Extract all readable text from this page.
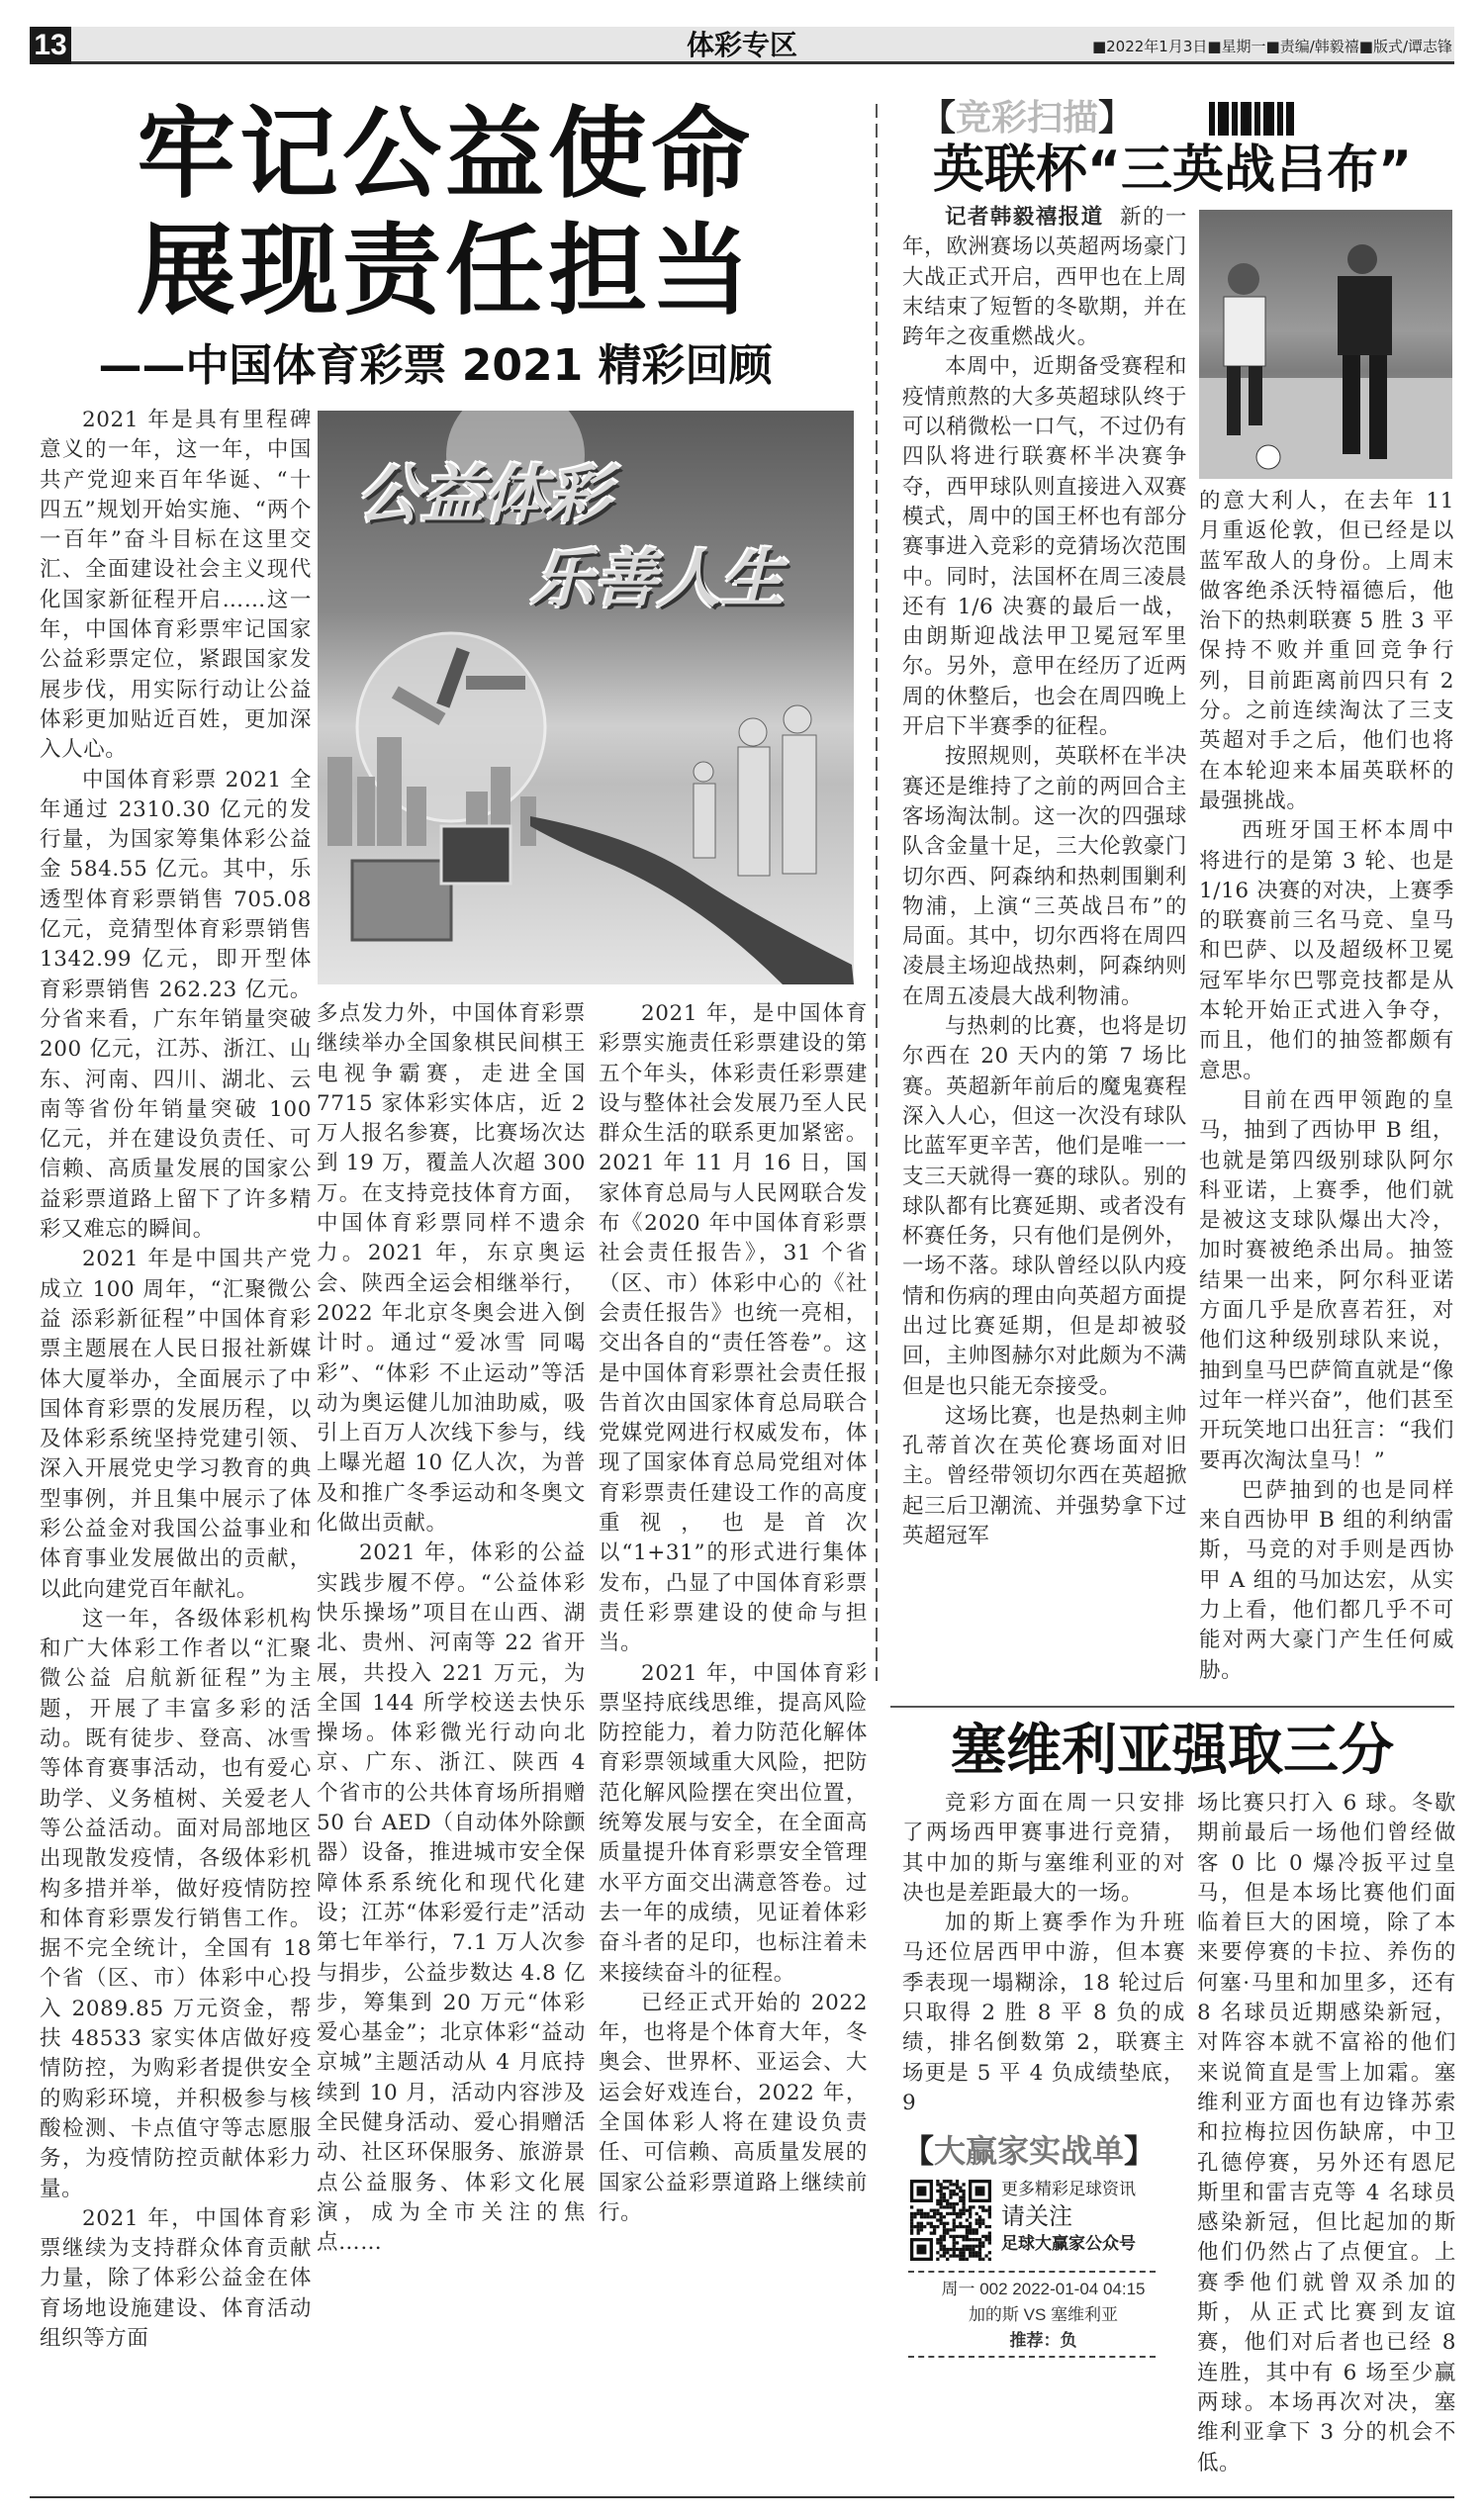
13	体彩专区	■2022年1月3日■星期一■责编/韩毅禧■版式/谭志锋
牢记公益使命
展现责任担当
——中国体育彩票 2021 精彩回顾

2021 年是具有里程碑意义的一年，这一年，中国共产党迎来百年华诞、“十四五”规划开始实施、“两个一百年”奋斗目标在这里交汇、全面建设社会主义现代化国家新征程开启……这一年，中国体育彩票牢记国家公益彩票定位，紧跟国家发展步伐，用实际行动让公益体彩更加贴近百姓，更加深入人心。

中国体育彩票 2021 全年通过 2310.30 亿元的发行量，为国家筹集体彩公益金 584.55 亿元。其中，乐透型体育彩票销售 705.08 亿元，竞猜型体育彩票销售 1342.99 亿元，即开型体育彩票销售 262.23 亿元。分省来看，广东年销量突破 200 亿元，江苏、浙江、山东、河南、四川、湖北、云南等省份年销量突破 100 亿元，并在建设负责任、可信赖、高质量发展的国家公益彩票道路上留下了许多精彩又难忘的瞬间。

2021 年是中国共产党成立 100 周年，“汇聚微公益 添彩新征程”中国体育彩票主题展在人民日报社新媒体大厦举办，全面展示了中国体育彩票的发展历程，以及体彩系统坚持党建引领、深入开展党史学习教育的典型事例，并且集中展示了体彩公益金对我国公益事业和体育事业发展做出的贡献，以此向建党百年献礼。

这一年，各级体彩机构和广大体彩工作者以“汇聚微公益 启航新征程”为主题，开展了丰富多彩的活动。既有徒步、登高、冰雪等体育赛事活动，也有爱心助学、义务植树、关爱老人等公益活动。面对局部地区出现散发疫情，各级体彩机构多措并举，做好疫情防控和体育彩票发行销售工作。据不完全统计，全国有 18 个省（区、市）体彩中心投入 2089.85 万元资金，帮扶 48533 家实体店做好疫情防控，为购彩者提供安全的购彩环境，并积极参与核酸检测、卡点值守等志愿服务，为疫情防控贡献体彩力量。

2021 年，中国体育彩票继续为支持群众体育贡献力量，除了体彩公益金在体育场地设施建设、体育活动组织等方面

公益体彩
乐善人生

多点发力外，中国体育彩票继续举办全国象棋民间棋王电视争霸赛，走进全国 7715 家体彩实体店，近 2 万人报名参赛，比赛场次达到 19 万，覆盖人次超 300 万。在支持竞技体育方面，中国体育彩票同样不遗余力。2021 年，东京奥运会、陕西全运会相继举行，2022 年北京冬奥会进入倒计时。通过“爱冰雪 同喝彩”、“体彩 不止运动”等活动为奥运健儿加油助威，吸引上百万人次线下参与，线上曝光超 10 亿人次，为普及和推广冬季运动和冬奥文化做出贡献。

2021 年，体彩的公益实践步履不停。“公益体彩 快乐操场”项目在山西、湖北、贵州、河南等 22 省开展，共投入 221 万元，为全国 144 所学校送去快乐操场。体彩微光行动向北京、广东、浙江、陕西 4 个省市的公共体育场所捐赠 50 台 AED（自动体外除颤器）设备，推进城市安全保障体系系统化和现代化建设；江苏“体彩爱行走”活动第七年举行，7.1 万人次参与捐步，公益步数达 4.8 亿步，筹集到 20 万元“体彩爱心基金”；北京体彩“益动京城”主题活动从 4 月底持续到 10 月，活动内容涉及全民健身活动、爱心捐赠活动、社区环保服务、旅游景点公益服务、体彩文化展演，成为全市关注的焦点……

2021 年，是中国体育彩票实施责任彩票建设的第五个年头，体彩责任彩票建设与整体社会发展乃至人民群众生活的联系更加紧密。2021 年 11 月 16 日，国家体育总局与人民网联合发布《2020 年中国体育彩票社会责任报告》，31 个省（区、市）体彩中心的《社会责任报告》也统一亮相，交出各自的“责任答卷”。这是中国体育彩票社会责任报告首次由国家体育总局联合党媒党网进行权威发布，体现了国家体育总局党组对体育彩票责任建设工作的高度重视，也是首次以“1+31”的形式进行集体发布，凸显了中国体育彩票责任彩票建设的使命与担当。

2021 年，中国体育彩票坚持底线思维，提高风险防控能力，着力防范化解体育彩票领域重大风险，把防范化解风险摆在突出位置，统筹发展与安全，在全面高质量提升体育彩票安全管理水平方面交出满意答卷。过去一年的成绩，见证着体彩奋斗者的足印，也标注着未来接续奋斗的征程。

已经正式开始的 2022 年，也将是个体育大年，冬奥会、世界杯、亚运会、大运会好戏连台，2022 年，全国体彩人将在建设负责任、可信赖、高质量发展的国家公益彩票道路上继续前行。

【竞彩扫描】
英联杯“三英战吕布”

记者韩毅禧报道 新的一年，欧洲赛场以英超两场豪门大战正式开启，西甲也在上周末结束了短暂的冬歇期，并在跨年之夜重燃战火。

本周中，近期备受赛程和疫情煎熬的大多英超球队终于可以稍微松一口气，不过仍有四队将进行联赛杯半决赛争夺，西甲球队则直接进入双赛模式，周中的国王杯也有部分赛事进入竞彩的竞猜场次范围中。同时，法国杯在周三凌晨还有 1/6 决赛的最后一战，由朗斯迎战法甲卫冕冠军里尔。另外，意甲在经历了近两周的休整后，也会在周四晚上开启下半赛季的征程。

按照规则，英联杯在半决赛还是维持了之前的两回合主客场淘汰制。这一次的四强球队含金量十足，三大伦敦豪门切尔西、阿森纳和热刺围剿利物浦，上演“三英战吕布”的局面。其中，切尔西将在周四凌晨主场迎战热刺，阿森纳则在周五凌晨大战利物浦。

与热刺的比赛，也将是切尔西在 20 天内的第 7 场比赛。英超新年前后的魔鬼赛程深入人心，但这一次没有球队比蓝军更辛苦，他们是唯一一支三天就得一赛的球队。别的球队都有比赛延期、或者没有杯赛任务，只有他们是例外，一场不落。球队曾经以队内疫情和伤病的理由向英超方面提出过比赛延期，但是却被驳回，主帅图赫尔对此颇为不满但是也只能无奈接受。

这场比赛，也是热刺主帅孔蒂首次在英伦赛场面对旧主。曾经带领切尔西在英超掀起三后卫潮流、并强势拿下过英超冠军

的意大利人，在去年 11 月重返伦敦，但已经是以蓝军敌人的身份。上周末做客绝杀沃特福德后，他治下的热刺联赛 5 胜 3 平保持不败并重回竞争行列，目前距离前四只有 2 分。之前连续淘汰了三支英超对手之后，他们也将在本轮迎来本届英联杯的最强挑战。

西班牙国王杯本周中将进行的是第 3 轮、也是 1/16 决赛的对决，上赛季的联赛前三名马竞、皇马和巴萨、以及超级杯卫冕冠军毕尔巴鄂竞技都是从本轮开始正式进入争夺，而且，他们的抽签都颇有意思。

目前在西甲领跑的皇马，抽到了西协甲 B 组，也就是第四级别球队阿尔科亚诺，上赛季，他们就是被这支球队爆出大冷，加时赛被绝杀出局。抽签结果一出来，阿尔科亚诺方面几乎是欣喜若狂，对他们这种级别球队来说，抽到皇马巴萨简直就是“像过年一样兴奋”，他们甚至开玩笑地口出狂言：“我们要再次淘汰皇马！”

巴萨抽到的也是同样来自西协甲 B 组的利纳雷斯，马竞的对手则是西协甲 A 组的马加达宏，从实力上看，他们都几乎不可能对两大豪门产生任何威胁。

塞维利亚强取三分

竞彩方面在周一只安排了两场西甲赛事进行竞猜，其中加的斯与塞维利亚的对决也是差距最大的一场。

加的斯上赛季作为升班马还位居西甲中游，但本赛季表现一塌糊涂，18 轮过后只取得 2 胜 8 平 8 负的成绩，排名倒数第 2，联赛主场更是 5 平 4 负成绩垫底，9

场比赛只打入 6 球。冬歇期前最后一场他们曾经做客 0 比 0 爆冷扳平过皇马，但是本场比赛他们面临着巨大的困境，除了本来要停赛的卡拉、养伤的何塞·马里和加里多，还有 8 名球员近期感染新冠，对阵容本就不富裕的他们来说简直是雪上加霜。塞维利亚方面也有边锋苏索和拉梅拉因伤缺席，中卫孔德停赛，另外还有恩尼斯里和雷吉克等 4 名球员感染新冠，但比起加的斯他们仍然占了点便宜。上赛季他们就曾双杀加的斯，从正式比赛到友谊赛，他们对后者也已经 8 连胜，其中有 6 场至少赢两球。本场再次对决，塞维利亚拿下 3 分的机会不低。

【大赢家实战单】
更多精彩足球资讯
请关注
足球大赢家公众号
周一 002 2022-01-04 04:15
加的斯 VS 塞维利亚
推荐：负
